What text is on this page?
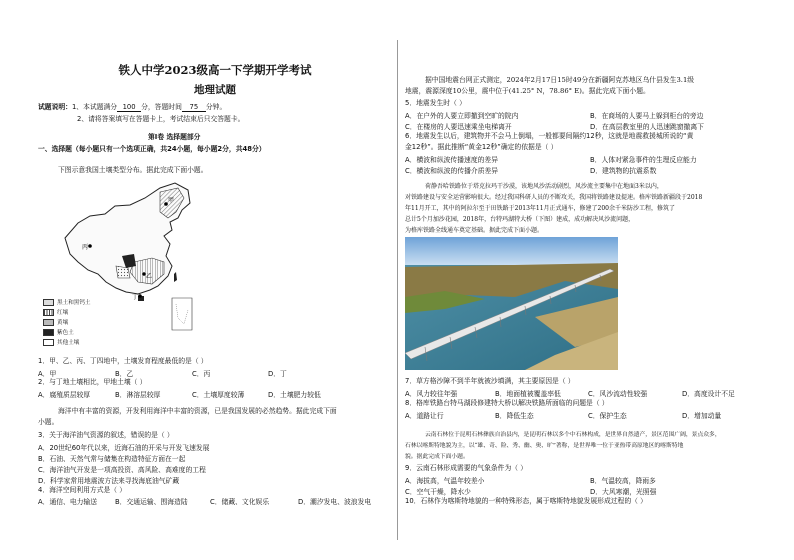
铁人中学2023级高一下学期开学考试
地理试题
试题说明：1、本试题满分 100 分，答题时间 75 分钟。
2、请将答案填写在答题卡上，考试结束后只交答题卡。
第Ⅰ卷 选择题部分
一、选择题（每小题只有一个选项正确，共24小题，每小题2分，共48分）
下图示意我国土壤类型分布。据此完成下面小题。
甲
丙
乙
丁
黑土和黑钙土
红壤
黄壤
紫色土
其他土壤
1．甲、乙、丙、丁四地中，土壤发育程度最低的是（ ）
A．甲	B．乙	C．丙	D．丁
2．与丁地土壤相比，甲地土壤（ ）
A．腐殖质层较厚	B．淋溶层较厚	C．土壤厚度较薄	D．土壤肥力较低
海洋中有丰富的资源，开发利用海洋中丰富的资源，已是我国发展的必然趋势。据此完成下面
小题。
3．关于海洋油气资源的叙述，错误的是（ ）
A．20世纪60年代以来，近海石油的开采与开发飞速发展
B．石油、天然气常与储集在构造特征方面在一起
C．海洋油气开发是一项高投资、高风险、高难度的工程
D．科学家常用地震波方法来寻找海底油气矿藏
4．海洋空间利用方式是（ ）
A．通信、电力输送	B．交通运输、围海造陆	C．储藏、文化娱乐	D．潮汐发电、波浪发电
据中国地震台网正式测定，2024年2月17日15时49分在新疆阿克苏地区乌什县发生3.1级
地震，震源深度10公里，震中位于(41.25° N，78.86° E)。据此完成下面小题。
5．地震发生时（ ）
A．在户外的人要立即撤到空旷的院内	B．在商场的人要马上躲到柜台的旁边
C．在楼房的人要迅速乘坐电梯离开	D．在高层教室里的人迅速跳窗撤离下
6．地震发生以后，建筑物并不会马上倒塌，一般都要间隔约12秒，这就是地震救援城所说的“黄
金12秒”。据此推断“黄金12秒”确定的依据是（ ）
A．横波和纵波传播速度的差异	B．人体对紧急事件的生理反应能力
C．横波和纵波的传播介质差异	D．建筑物的抗震系数
荷静吾哈铁路位于塔克拉玛干沙漠，该地风沙活动剧烈，风沙流主要集中在地面3米以内，
对铁路建设与安全运营影响很大。经过我国科研人员的不断攻关，我国将铁路建设提速。格库铁路新疆段于2018
年11月开工，其中的阿拉尔至于田铁路于2013年11月正式通车，修建了200余千米防沙工程，修筑了
总计5个月加沙花园，2018年，台特玛湖特大桥（下图）建成，成功解决风沙流问题，
为格库铁路全线通车奠定基础。据此完成下面小题。
7．草方格沙障不到半年就被沙填满，其主要原因是（ ）
A．风力较往年强	B．地面植被覆盖率低	C．风沙流动性较强	D．高度设计不足
8．格库铁路台特马湖段修建特大桥以解决铁路所面临的问题是（ ）
A．道路让行	B．降低生态	C．保护生态	D．增加动量
云南石林位于昆明石林彝族自治县内，是昆明石林以多个中石林构成，是世界自然遗产，景区范围广阔，景点众多，
石林以喀斯特地貌为主，以“雄、奇、险、秀、幽、奥、旷”著称，是世界唯一位于亚热带高原地区的喀斯特地
貌。据此完成下面小题。
9．云南石林形成需要的气象条件为（ ）
A．海拔高，气温年较差小	B．气温较高，降雨多
C．空气干燥，降水少	D．大风寒潮，光照强
10．石林作为喀斯特地貌的一种特殊形态，属于喀斯特地貌发展形成过程的（ ）
